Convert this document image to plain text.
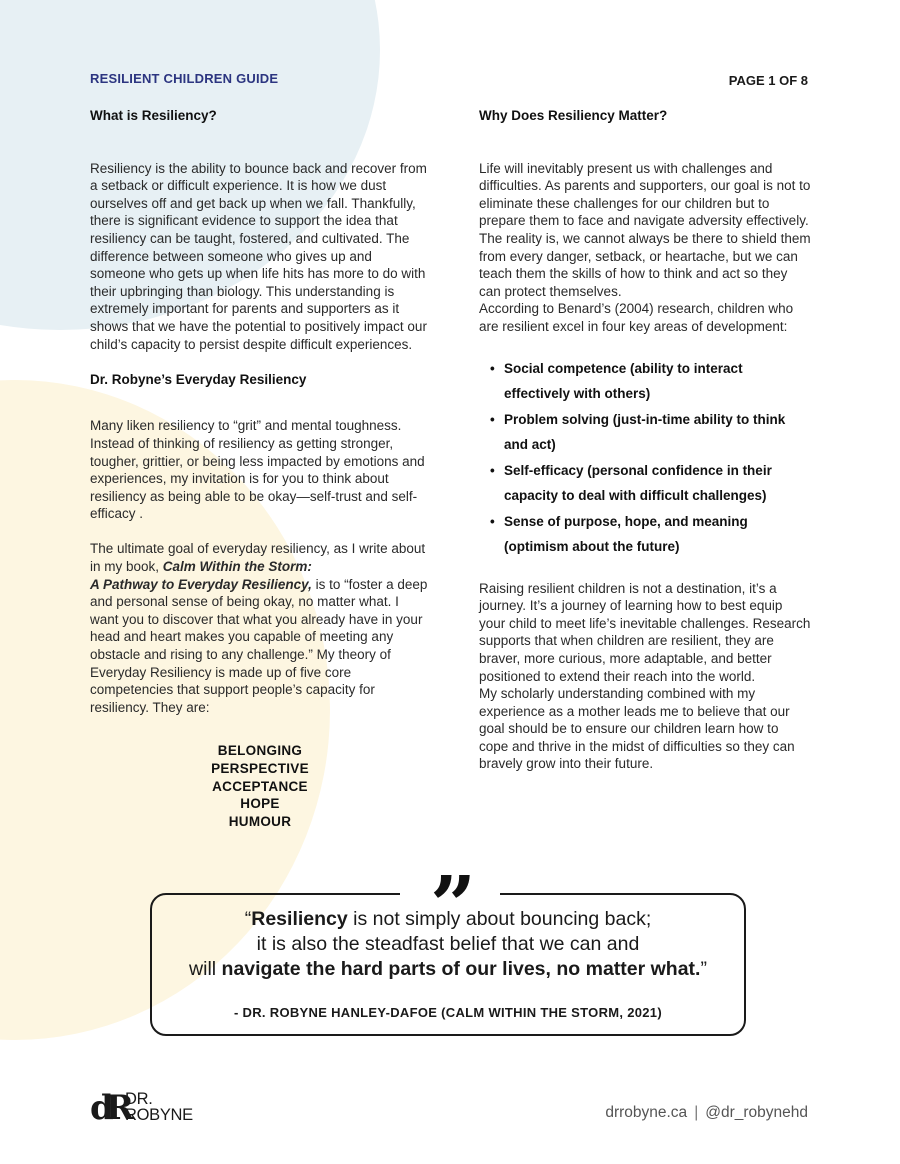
RESILIENT CHILDREN GUIDE	PAGE 1 OF 8
What is Resiliency?

Resiliency is the ability to bounce back and recover from a setback or difficult experience. It is how we dust ourselves off and get back up when we fall. Thankfully, there is significant evidence to support the idea that resiliency can be taught, fostered, and cultivated. The difference between someone who gives up and someone who gets up when life hits has more to do with their upbringing than biology. This understanding is extremely important for parents and supporters as it shows that we have the potential to positively impact our child’s capacity to persist despite difficult experiences.

Dr. Robyne’s Everyday Resiliency

Many liken resiliency to “grit” and mental toughness. Instead of thinking of resiliency as getting stronger, tougher, grittier, or being less impacted by emotions and experiences, my invitation is for you to think about resiliency as being able to be okay—self-trust and self-efficacy .

The ultimate goal of everyday resiliency, as I write about in my book, Calm Within the Storm:
A Pathway to Everyday Resiliency, is to “foster a deep and personal sense of being okay, no matter what. I want you to discover that what you already have in your head and heart makes you capable of meeting any obstacle and rising to any challenge.” My theory of Everyday Resiliency is made up of five core competencies that support people’s capacity for resiliency. They are:

BELONGING
PERSPECTIVE
ACCEPTANCE
HOPE
HUMOUR
Why Does Resiliency Matter?

Life will inevitably present us with challenges and difficulties. As parents and supporters, our goal is not to eliminate these challenges for our children but to prepare them to face and navigate adversity effectively. The reality is, we cannot always be there to shield them from every danger, setback, or heartache, but we can teach them the skills of how to think and act so they can protect themselves.

According to Benard’s (2004) research, children who are resilient excel in four key areas of development:

• Social competence (ability to interact effectively with others)
• Problem solving (just-in-time ability to think and act)
• Self-efficacy (personal confidence in their capacity to deal with difficult challenges)
• Sense of purpose, hope, and meaning (optimism about the future)

Raising resilient children is not a destination, it’s a journey. It’s a journey of learning how to best equip

your child to meet life’s inevitable challenges. Research supports that when children are resilient, they are braver, more curious, more adaptable, and better positioned to extend their reach into the world.

My scholarly understanding combined with my experience as a mother leads me to believe that our goal should be to ensure our children learn how to cope and thrive in the midst of difficulties so they can bravely grow into their future.

“Resiliency is not simply about bouncing back;
it is also the steadfast belief that we can and
will navigate the hard parts of our lives, no matter what.”
- DR. ROBYNE HANLEY-DAFOE (CALM WITHIN THE STORM, 2021)
”
dR
DR.
ROBYNE	drrobyne.ca | @dr_robynehd
